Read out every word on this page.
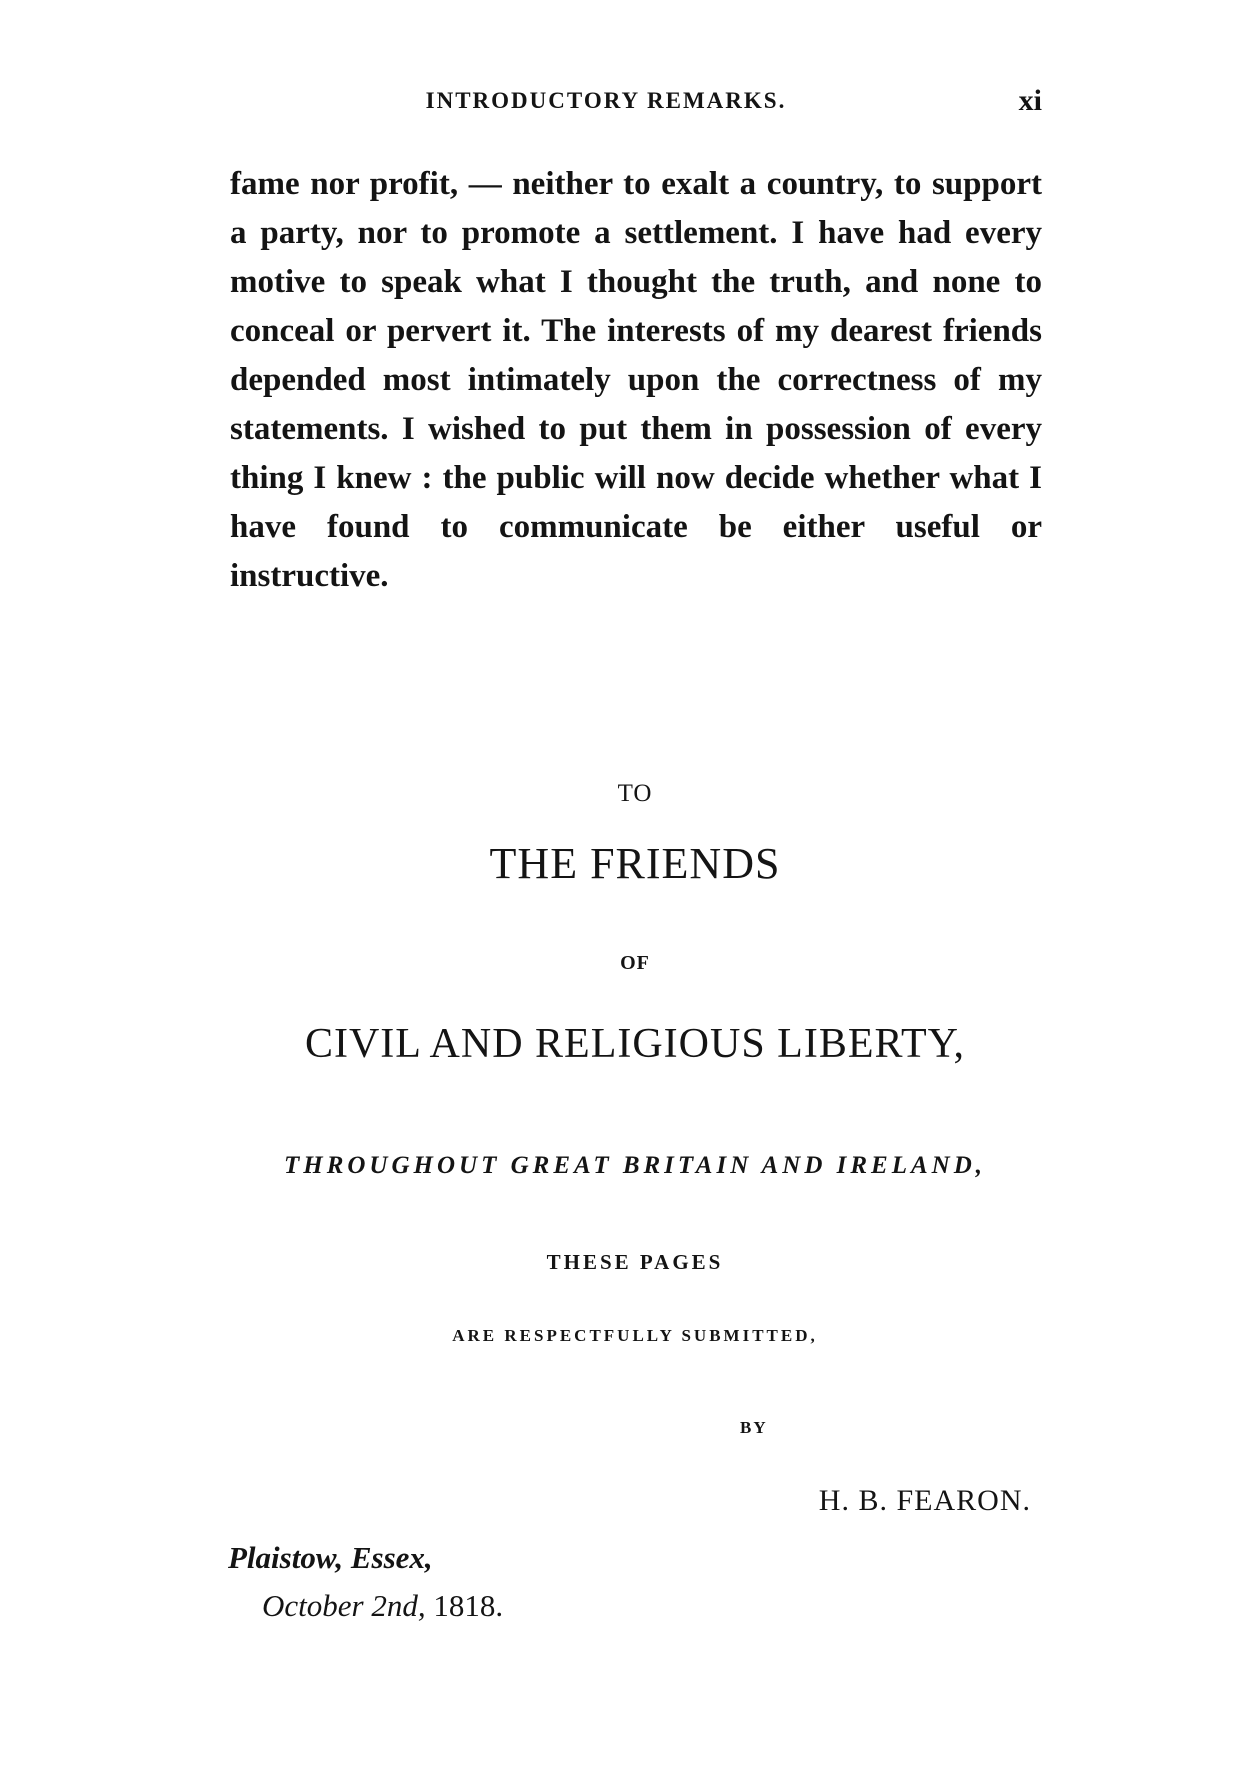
INTRODUCTORY REMARKS.	xi

fame nor profit, — neither to exalt a country, to support a party, nor to promote a settlement. I have had every motive to speak what I thought the truth, and none to conceal or pervert it. The interests of my dearest friends depended most intimately upon the correctness of my statements. I wished to put them in possession of every thing I knew : the public will now decide whether what I have found to communicate be either useful or instructive.

TO
THE FRIENDS
OF
CIVIL AND RELIGIOUS LIBERTY,
THROUGHOUT GREAT BRITAIN AND IRELAND,
THESE PAGES
ARE RESPECTFULLY SUBMITTED,
BY
H. B. FEARON.
Plaistow, Essex,
October 2nd, 1818.
